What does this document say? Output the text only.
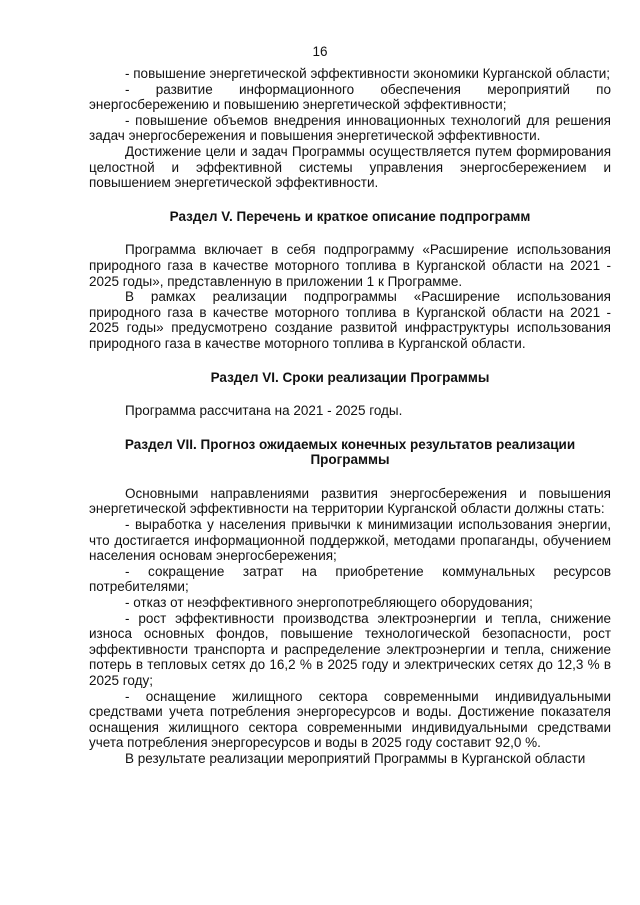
16

- повышение энергетической эффективности экономики Курганской области;

- развитие информационного обеспечения мероприятий по энергосбережению и повышению энергетической эффективности;

- повышение объемов внедрения инновационных технологий для решения задач энергосбережения и повышения энергетической эффективности.

Достижение цели и задач Программы осуществляется путем формирования целостной и эффективной системы управления энергосбережением и повышением энергетической эффективности.

Раздел V. Перечень и краткое описание подпрограмм

Программа включает в себя подпрограмму «Расширение использования природного газа в качестве моторного топлива в Курганской области на 2021 - 2025 годы», представленную в приложении 1 к Программе.

В рамках реализации подпрограммы «Расширение использования природного газа в качестве моторного топлива в Курганской области на 2021 - 2025 годы» предусмотрено создание развитой инфраструктуры использования природного газа в качестве моторного топлива в Курганской области.

Раздел VI. Сроки реализации Программы

Программа рассчитана на 2021 - 2025 годы.

Раздел VII. Прогноз ожидаемых конечных результатов реализации
Программы

Основными направлениями развития энергосбережения и повышения энергетической эффективности на территории Курганской области должны стать:

- выработка у населения привычки к минимизации использования энергии, что достигается информационной поддержкой, методами пропаганды, обучением населения основам энергосбережения;

- сокращение затрат на приобретение коммунальных ресурсов потребителями;

- отказ от неэффективного энергопотребляющего оборудования;

- рост эффективности производства электроэнергии и тепла, снижение износа основных фондов, повышение технологической безопасности, рост эффективности транспорта и распределение электроэнергии и тепла, снижение потерь в тепловых сетях до 16,2 % в 2025 году и электрических сетях до 12,3 % в 2025 году;

- оснащение жилищного сектора современными индивидуальными средствами учета потребления энергоресурсов и воды. Достижение показателя оснащения жилищного сектора современными индивидуальными средствами учета потребления энергоресурсов и воды в 2025 году составит 92,0 %.

В результате реализации мероприятий Программы в Курганской области
